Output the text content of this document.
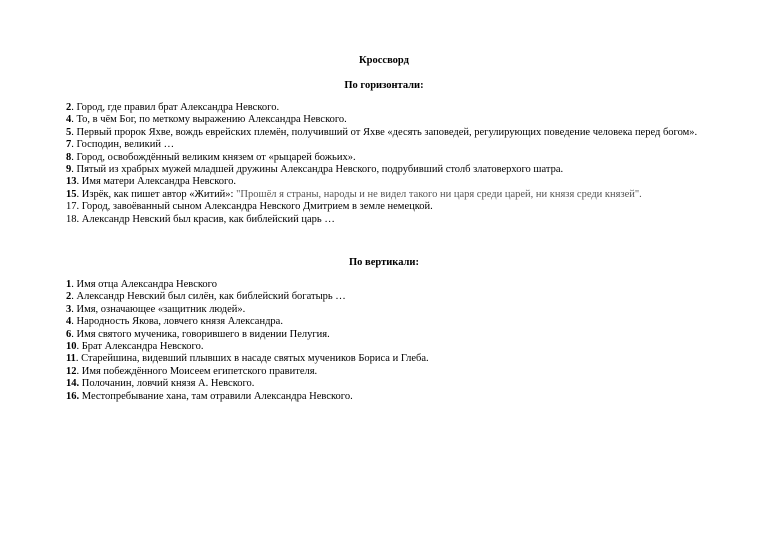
Кроссворд
По горизонтали:
2. Город, где правил брат Александра Невского.
4. То, в чём Бог, по меткому выражению Александра Невского.
5. Первый пророк Яхве, вождь еврейских племён, получивший от Яхве «десять заповедей, регулирующих поведение человека перед богом».
7. Господин, великий …
8. Город, освобождённый великим князем от «рыцарей божьих».
9. Пятый из храбрых мужей младшей дружины Александра Невского, подрубивший столб златоверхого шатра.
13. Имя матери Александра Невского.
15. Изрёк, как пишет автор «Житий»: "Прошёл я страны, народы и не видел такого ни царя среди царей, ни князя среди князей".
17. Город, завоёванный сыном Александра Невского Дмитрием в земле немецкой.
18. Александр Невский был красив, как библейский царь …
По вертикали:
1. Имя отца Александра Невского
2. Александр Невский был силён, как библейский богатырь …
3. Имя, означающее «защитник людей».
4. Народность Якова, ловчего князя Александра.
6. Имя святого мученика, говорившего в видении Пелугия.
10. Брат Александра Невского.
11. Старейшина, видевший плывших в насаде святых мучеников Бориса и Глеба.
12. Имя побеждённого Моисеем египетского правителя.
14. Полочанин, ловчий князя А. Невского.
16. Местопребывание хана, там отравили Александра Невского.
